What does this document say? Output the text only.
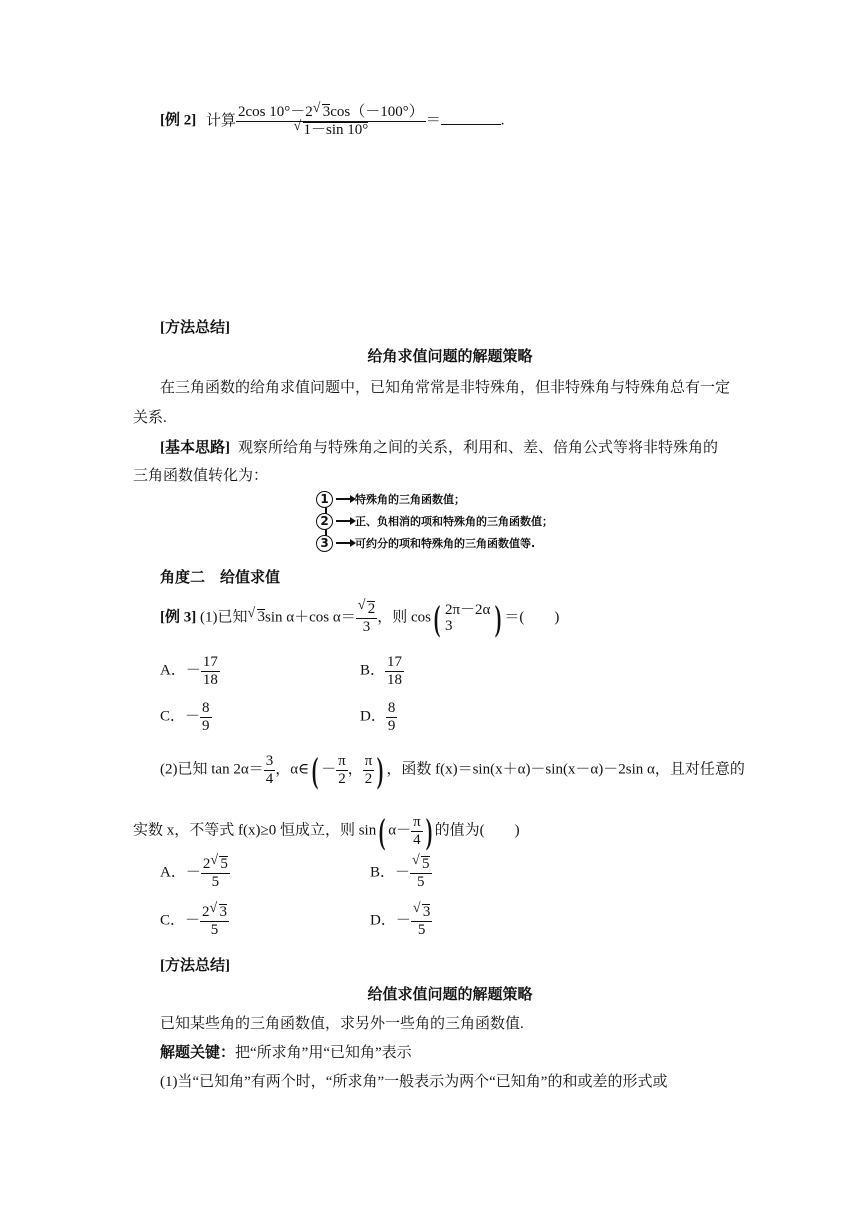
[例 2] 计算 2cos 10°－2 √ 3cos（－100°）
√ 1－sin 10° ＝	.
[方法总结]
给角求值问题的解题策略
在三角函数的给角求值问题中，已知角常常是非特殊角，但非特殊角与特殊角总有一定
关系.
[基本思路] 观察所给角与特殊角之间的关系，利用和、差、倍角公式等将非特殊角的
三角函数值转化为：
1	特殊角的三角函数值；
2	正、负相消的项和特殊角的三角函数值；
3	可约分的项和特殊角的三角函数值等.
角度二　给值求值
[例 3] (1)已知 √ 3sin α＋cos α＝ √ $\frac{2}{3}$ ，则 cos( 2π－2α
3	) ＝(　　)
A．－ $\frac{17}{18}$	B． $\frac{17}{18}$
C．－ $\frac{8}{9}$	D． $\frac{8}{9}$
(2)已知 $\tan 2\alpha= \frac{3}{4}$ ，α∈( － $\frac{\pi}{2}$ ， $\frac{\pi}{2}$ ) ，函数 f(x)＝sin(x＋α)－sin(x－α)－2sin α，且对任意的
实数 x，不等式 f(x)≥0 恒成立，则 sin( $\alpha- \frac{\pi}{4}$ ) 的值为(　　)
A．－ $\frac{2 √ 5}{5}$	B．－ √ $\frac{5}{5}$
C．－ $\frac{2 √ 3}{5}$	D．－ √ $\frac{3}{5}$
[方法总结]
给值求值问题的解题策略
已知某些角的三角函数值，求另外一些角的三角函数值.
解题关键：把“所求角”用“已知角”表示
(1)当“已知角”有两个时，“所求角”一般表示为两个“已知角”的和或差的形式或
